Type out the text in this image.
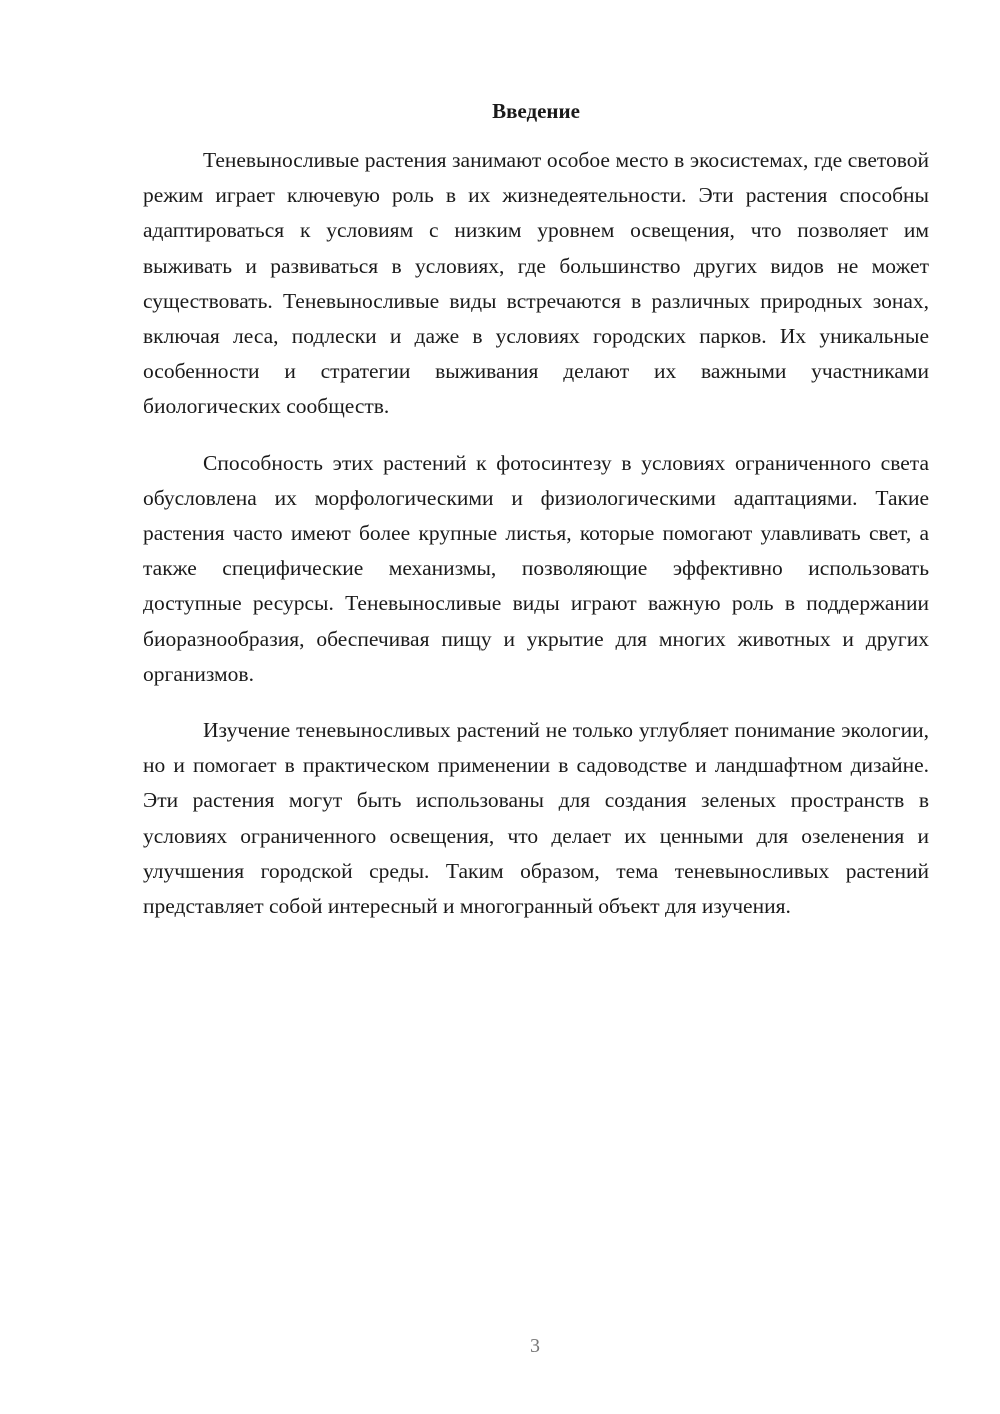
Введение

Теневыносливые растения занимают особое место в экосистемах, где световой режим играет ключевую роль в их жизнедеятельности. Эти растения способны адаптироваться к условиям с низким уровнем освещения, что позволяет им выживать и развиваться в условиях, где большинство других видов не может существовать. Теневыносливые виды встречаются в различных природных зонах, включая леса, подлески и даже в условиях городских парков. Их уникальные особенности и стратегии выживания делают их важными участниками биологических сообществ.

Способность этих растений к фотосинтезу в условиях ограниченного света обусловлена их морфологическими и физиологическими адаптациями. Такие растения часто имеют более крупные листья, которые помогают улавливать свет, а также специфические механизмы, позволяющие эффективно использовать доступные ресурсы. Теневыносливые виды играют важную роль в поддержании биоразнообразия, обеспечивая пищу и укрытие для многих животных и других организмов.

Изучение теневыносливых растений не только углубляет понимание экологии, но и помогает в практическом применении в садоводстве и ландшафтном дизайне. Эти растения могут быть использованы для создания зеленых пространств в условиях ограниченного освещения, что делает их ценными для озеленения и улучшения городской среды. Таким образом, тема теневыносливых растений представляет собой интересный и многогранный объект для изучения.

3
